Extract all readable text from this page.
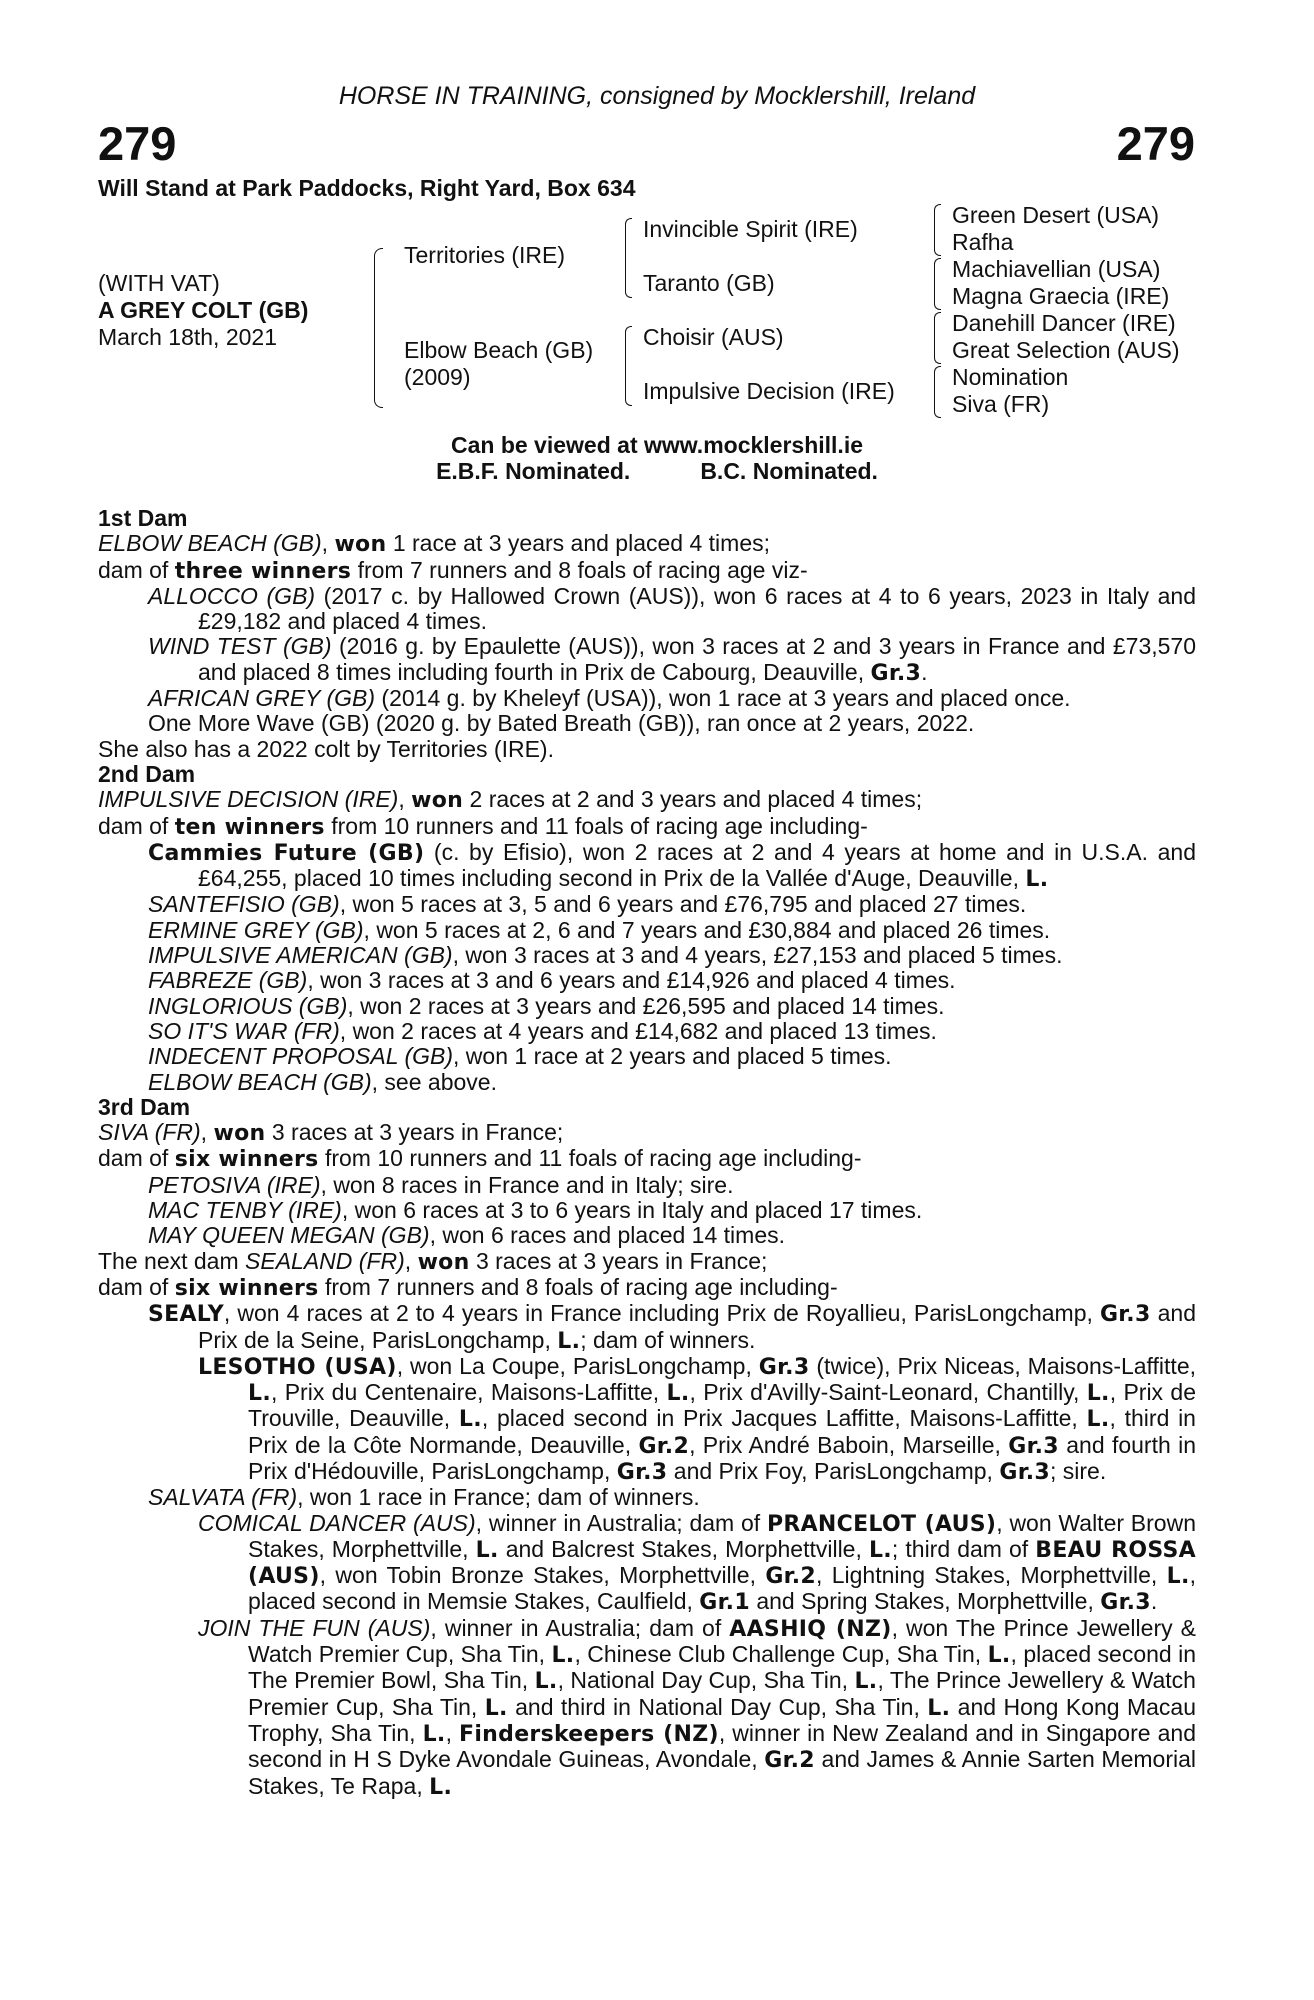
HORSE IN TRAINING, consigned by Mocklershill, Ireland
279	279
Will Stand at Park Paddocks, Right Yard, Box 634
(WITH VAT)
A GREY COLT (GB)
March 18th, 2021
Territories (IRE)
Elbow Beach (GB)
(2009)
Invincible Spirit (IRE)
Taranto (GB)
Choisir (AUS)
Impulsive Decision (IRE)
Green Desert (USA)
Rafha
Machiavellian (USA)
Magna Graecia (IRE)
Danehill Dancer (IRE)
Great Selection (AUS)
Nomination
Siva (FR)
Can be viewed at www.mocklershill.ie
E.B.F. Nominated.	B.C. Nominated.

1st Dam

ELBOW BEACH (GB), won 1 race at 3 years and placed 4 times;

dam of three winners from 7 runners and 8 foals of racing age viz-

ALLOCCO (GB) (2017 c. by Hallowed Crown (AUS)), won 6 races at 4 to 6 years, 2023 in Italy and £29,182 and placed 4 times.

WIND TEST (GB) (2016 g. by Epaulette (AUS)), won 3 races at 2 and 3 years in France and £73,570 and placed 8 times including fourth in Prix de Cabourg, Deauville, Gr.3.

AFRICAN GREY (GB) (2014 g. by Kheleyf (USA)), won 1 race at 3 years and placed once.

One More Wave (GB) (2020 g. by Bated Breath (GB)), ran once at 2 years, 2022.

She also has a 2022 colt by Territories (IRE).

2nd Dam

IMPULSIVE DECISION (IRE), won 2 races at 2 and 3 years and placed 4 times;

dam of ten winners from 10 runners and 11 foals of racing age including-

Cammies Future (GB) (c. by Efisio), won 2 races at 2 and 4 years at home and in U.S.A. and £64,255, placed 10 times including second in Prix de la Vallée d'Auge, Deauville, L.

SANTEFISIO (GB), won 5 races at 3, 5 and 6 years and £76,795 and placed 27 times.

ERMINE GREY (GB), won 5 races at 2, 6 and 7 years and £30,884 and placed 26 times.

IMPULSIVE AMERICAN (GB), won 3 races at 3 and 4 years, £27,153 and placed 5 times.

FABREZE (GB), won 3 races at 3 and 6 years and £14,926 and placed 4 times.

INGLORIOUS (GB), won 2 races at 3 years and £26,595 and placed 14 times.

SO IT'S WAR (FR), won 2 races at 4 years and £14,682 and placed 13 times.

INDECENT PROPOSAL (GB), won 1 race at 2 years and placed 5 times.

ELBOW BEACH (GB), see above.

3rd Dam

SIVA (FR), won 3 races at 3 years in France;

dam of six winners from 10 runners and 11 foals of racing age including-

PETOSIVA (IRE), won 8 races in France and in Italy; sire.

MAC TENBY (IRE), won 6 races at 3 to 6 years in Italy and placed 17 times.

MAY QUEEN MEGAN (GB), won 6 races and placed 14 times.

The next dam SEALAND (FR), won 3 races at 3 years in France;

dam of six winners from 7 runners and 8 foals of racing age including-

SEALY, won 4 races at 2 to 4 years in France including Prix de Royallieu, ParisLongchamp, Gr.3 and Prix de la Seine, ParisLongchamp, L.; dam of winners.

LESOTHO (USA), won La Coupe, ParisLongchamp, Gr.3 (twice), Prix Niceas, Maisons-Laffitte, L., Prix du Centenaire, Maisons-Laffitte, L., Prix d'Avilly-Saint-Leonard, Chantilly, L., Prix de Trouville, Deauville, L., placed second in Prix Jacques Laffitte, Maisons-Laffitte, L., third in Prix de la Côte Normande, Deauville, Gr.2, Prix André Baboin, Marseille, Gr.3 and fourth in Prix d'Hédouville, ParisLongchamp, Gr.3 and Prix Foy, ParisLongchamp, Gr.3; sire.

SALVATA (FR), won 1 race in France; dam of winners.

COMICAL DANCER (AUS), winner in Australia; dam of PRANCELOT (AUS), won Walter Brown Stakes, Morphettville, L. and Balcrest Stakes, Morphettville, L.; third dam of BEAU ROSSA (AUS), won Tobin Bronze Stakes, Morphettville, Gr.2, Lightning Stakes, Morphettville, L., placed second in Memsie Stakes, Caulfield, Gr.1 and Spring Stakes, Morphettville, Gr.3.

JOIN THE FUN (AUS), winner in Australia; dam of AASHIQ (NZ), won The Prince Jewellery & Watch Premier Cup, Sha Tin, L., Chinese Club Challenge Cup, Sha Tin, L., placed second in The Premier Bowl, Sha Tin, L., National Day Cup, Sha Tin, L., The Prince Jewellery & Watch Premier Cup, Sha Tin, L. and third in National Day Cup, Sha Tin, L. and Hong Kong Macau Trophy, Sha Tin, L., Finderskeepers (NZ), winner in New Zealand and in Singapore and second in H S Dyke Avondale Guineas, Avondale, Gr.2 and James & Annie Sarten Memorial Stakes, Te Rapa, L.
